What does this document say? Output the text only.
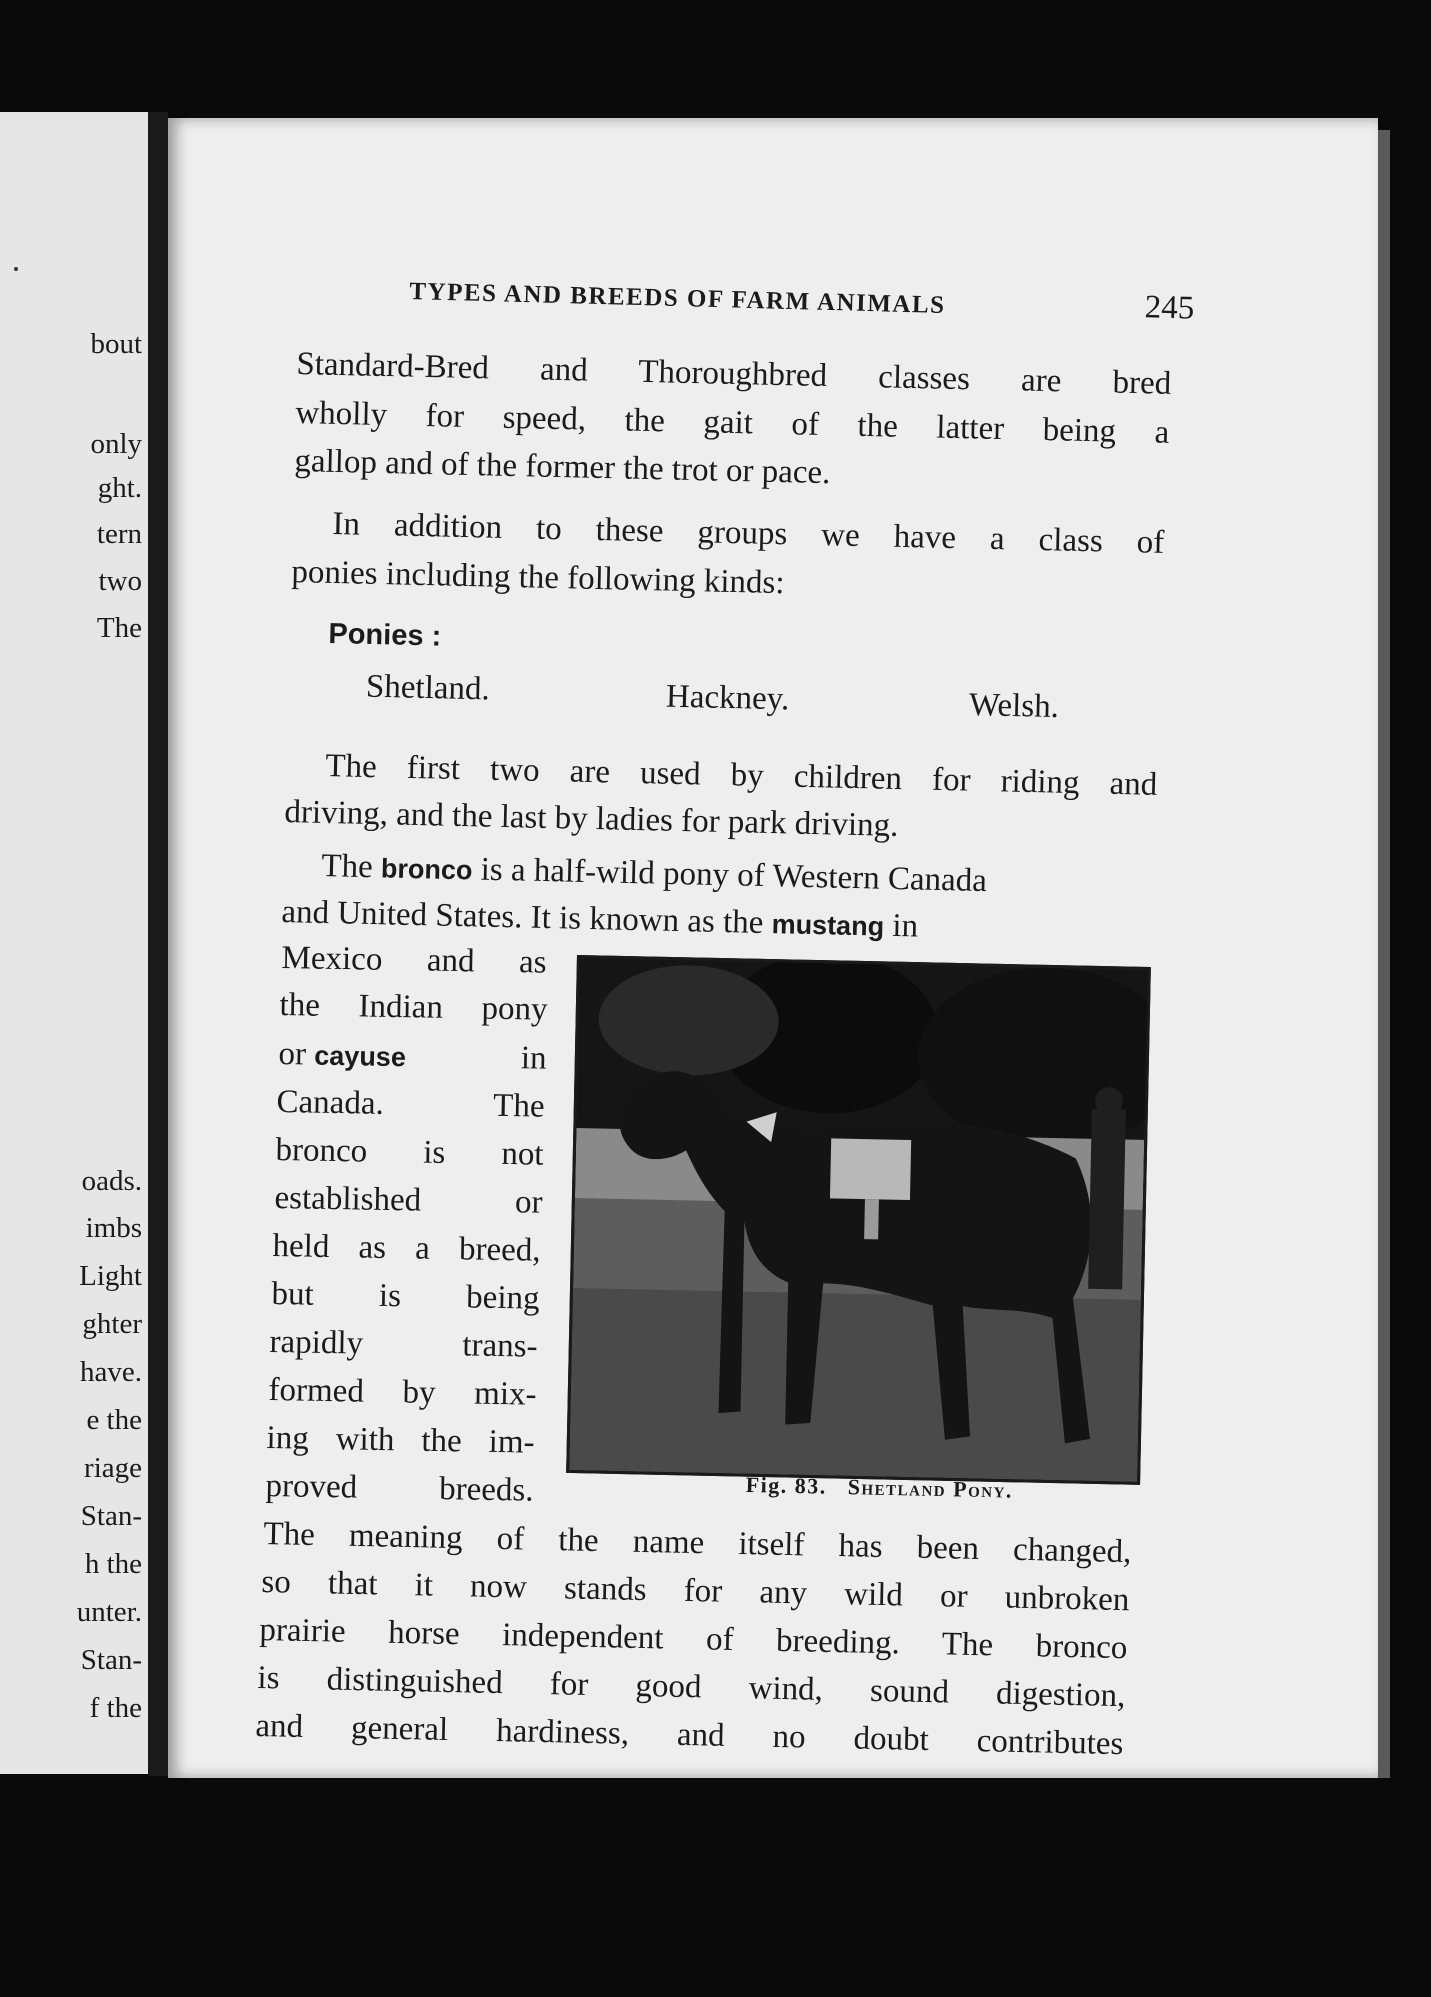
bout
only
ght.
tern
two
The
oads.
imbs
Light
ghter
have.
e the
riage
Stan-
h the
unter.
Stan-
f the
TYPES AND BREEDS OF FARM ANIMALS	245
Standard-Bred and Thoroughbred classes are bred
wholly for speed, the gait of the latter being a
gallop and of the former the trot or pace.
In addition to these groups we have a class of
ponies including the following kinds:
Ponies :
Shetland.	Hackney.	Welsh.
The first two are used by children for riding and
driving, and the last by ladies for park driving.
The bronco is a half-wild pony of Western Canada
and United States. It is known as the mustang in
Mexico and as
the Indian pony
or cayuse	in
Canada. The
bronco is not
established or
held as a breed,
but is being
rapidly trans-
formed by mix-
ing with the im-
proved breeds.	Fig. 83. Shetland Pony.
The meaning of the name itself has been changed,
so that it now stands for any wild or unbroken
prairie horse independent of breeding. The bronco
is distinguished for good wind, sound digestion,
and general hardiness, and no doubt contributes
